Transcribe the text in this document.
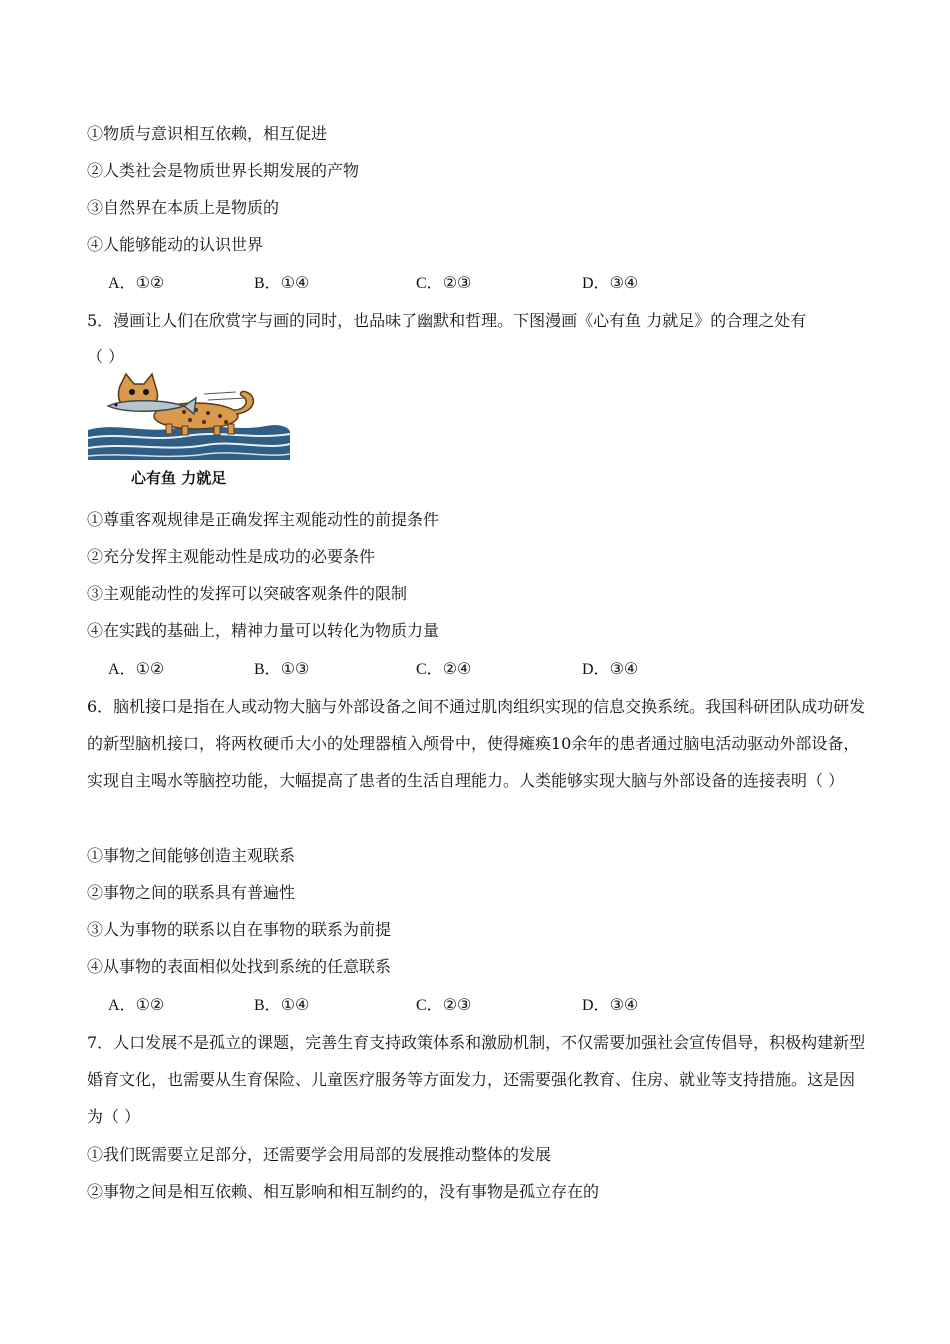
①物质与意识相互依赖，相互促进
②人类社会是物质世界长期发展的产物
③自然界在本质上是物质的
④人能够能动的认识世界
A．①②	B．①④	C．②③	D．③④
5．漫画让人们在欣赏字与画的同时，也品味了幽默和哲理。下图漫画《心有鱼 力就足》的合理之处有
（ ）
心有鱼 力就足
①尊重客观规律是正确发挥主观能动性的前提条件
②充分发挥主观能动性是成功的必要条件
③主观能动性的发挥可以突破客观条件的限制
④在实践的基础上，精神力量可以转化为物质力量
A．①②	B．①③	C．②④	D．③④
6．脑机接口是指在人或动物大脑与外部设备之间不通过肌肉组织实现的信息交换系统。我国科研团队成功研发的新型脑机接口，将两枚硬币大小的处理器植入颅骨中，使得瘫痪10余年的患者通过脑电活动驱动外部设备，实现自主喝水等脑控功能，大幅提高了患者的生活自理能力。人类能够实现大脑与外部设备的连接表明（ ）
①事物之间能够创造主观联系
②事物之间的联系具有普遍性
③人为事物的联系以自在事物的联系为前提
④从事物的表面相似处找到系统的任意联系
A．①②	B．①④	C．②③	D．③④
7．人口发展不是孤立的课题，完善生育支持政策体系和激励机制，不仅需要加强社会宣传倡导，积极构建新型婚育文化，也需要从生育保险、儿童医疗服务等方面发力，还需要强化教育、住房、就业等支持措施。这是因为（ ）
①我们既需要立足部分，还需要学会用局部的发展推动整体的发展
②事物之间是相互依赖、相互影响和相互制约的，没有事物是孤立存在的
